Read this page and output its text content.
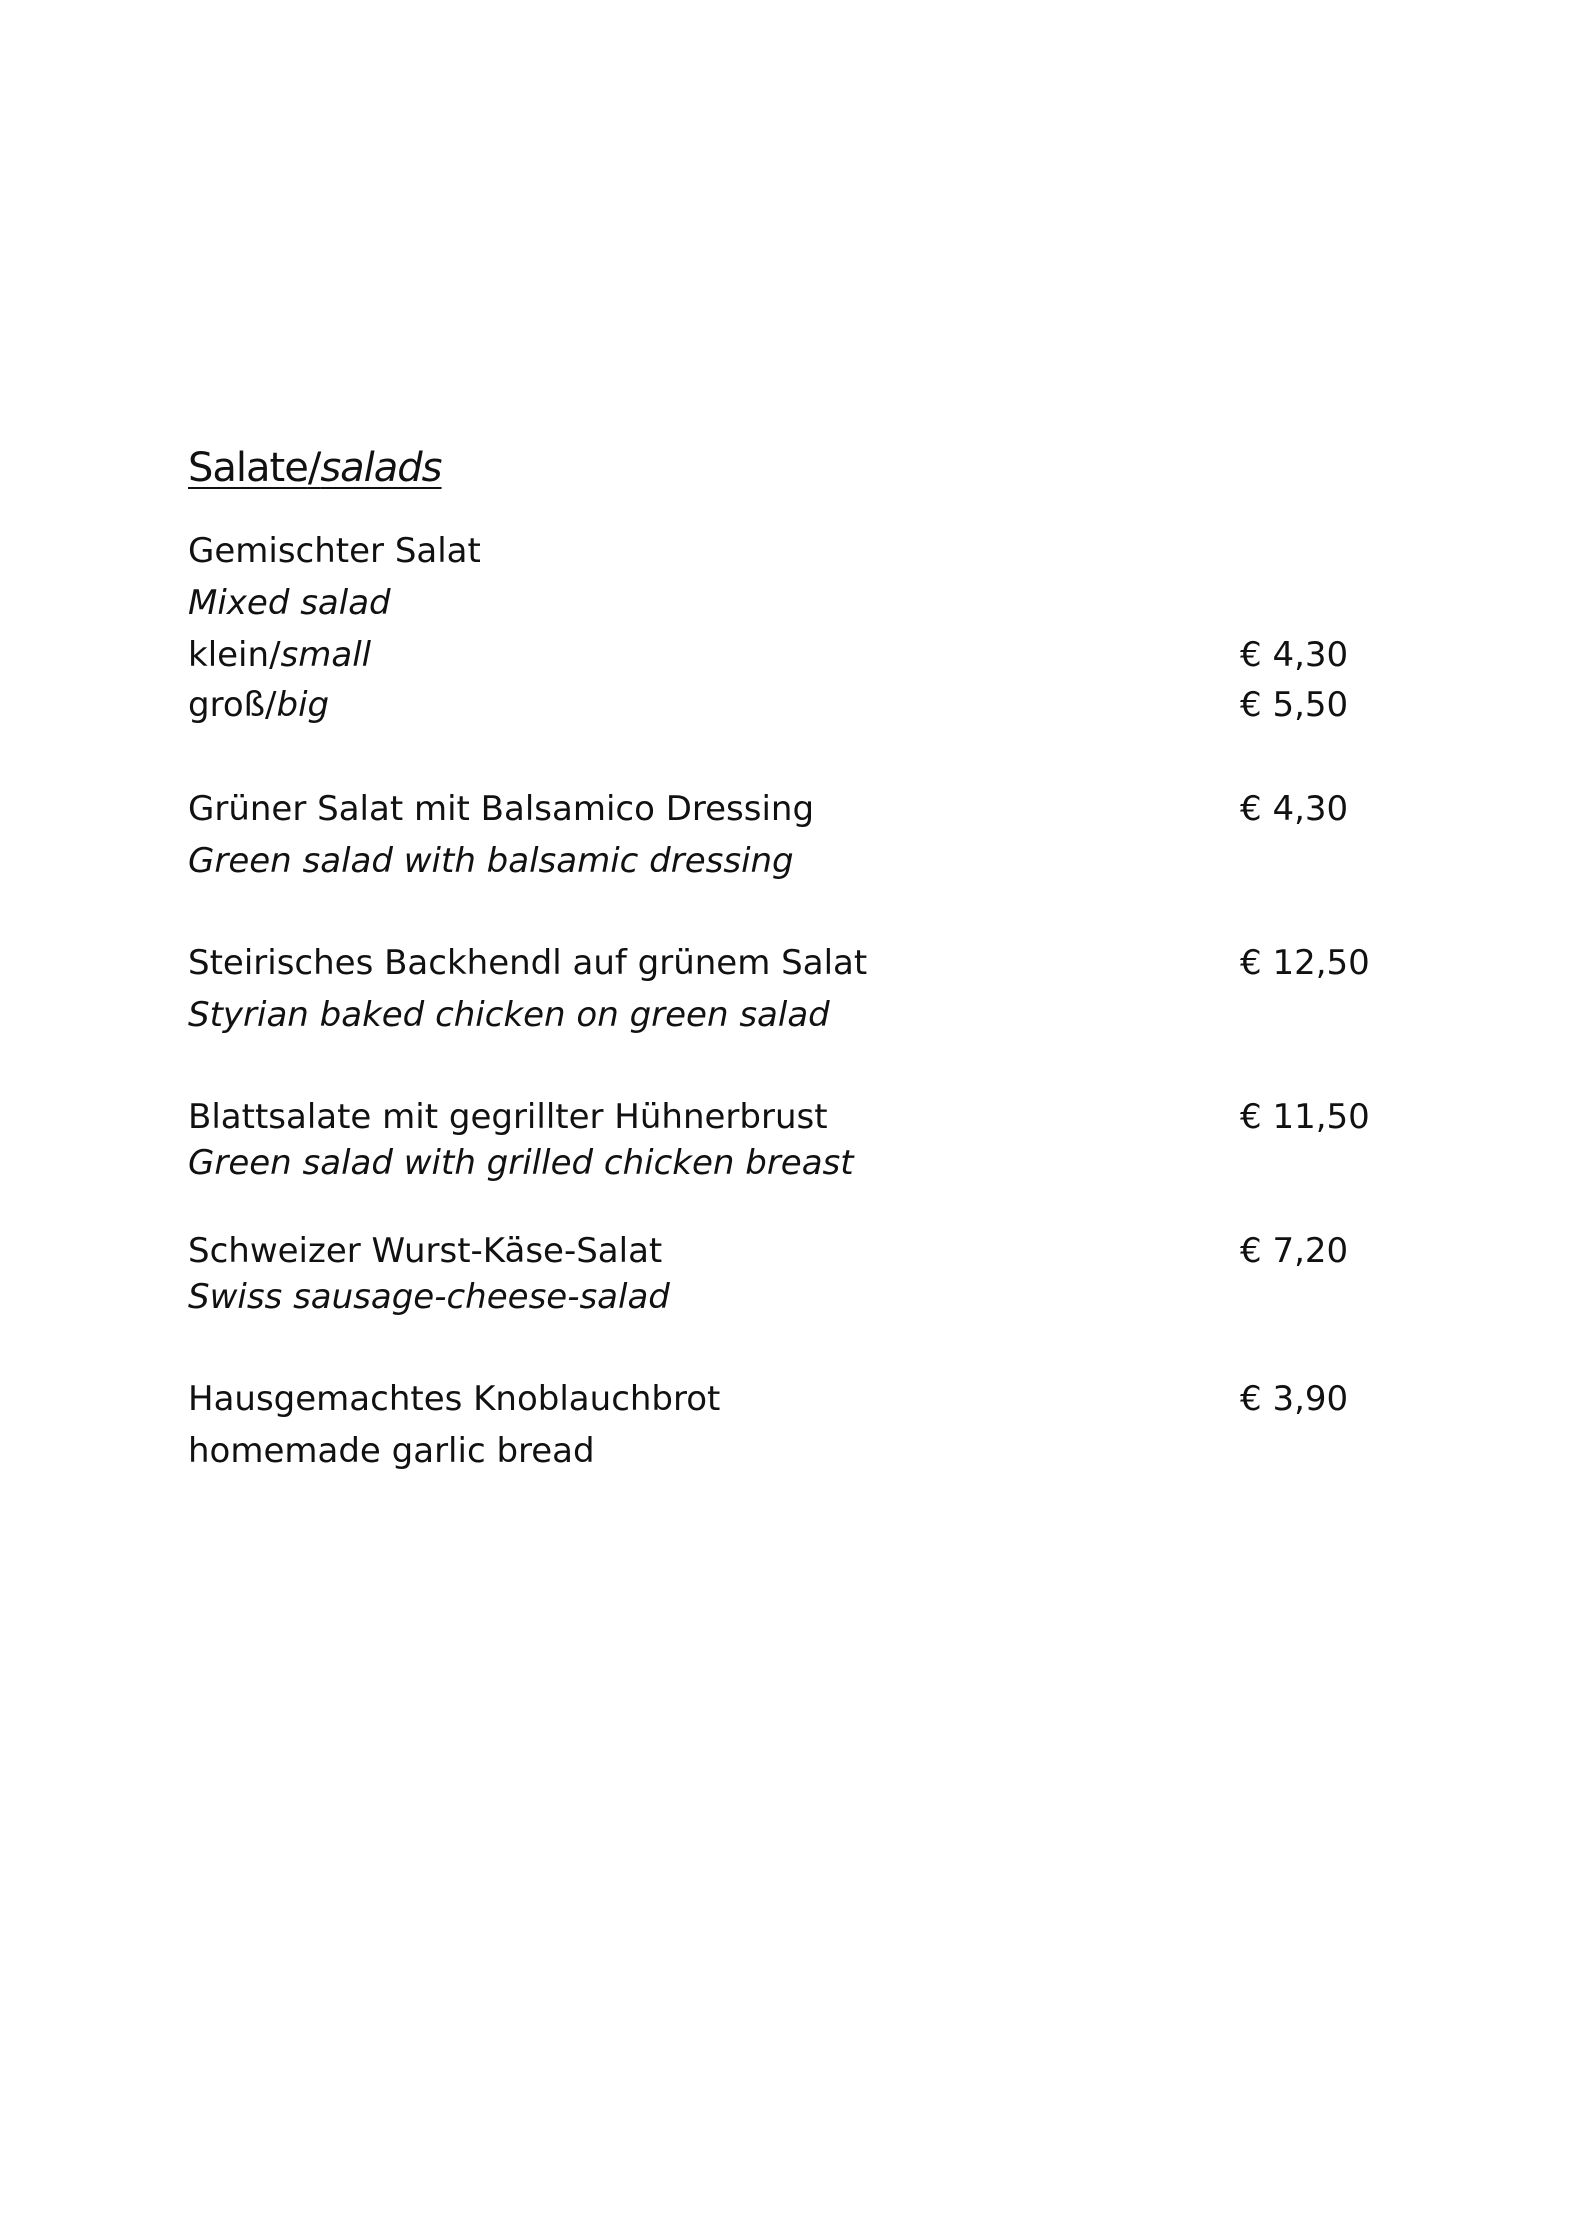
Salate/salads
Gemischter Salat
Mixed salad
klein/small	€ 4,30
groß/big	€ 5,50
Grüner Salat mit Balsamico Dressing	€ 4,30
Green salad with balsamic dressing
Steirisches Backhendl auf grünem Salat	€ 12,50
Styrian baked chicken on green salad
Blattsalate mit gegrillter Hühnerbrust	€ 11,50
Green salad with grilled chicken breast
Schweizer Wurst-Käse-Salat	€ 7,20
Swiss sausage-cheese-salad
Hausgemachtes Knoblauchbrot	€ 3,90
homemade garlic bread
